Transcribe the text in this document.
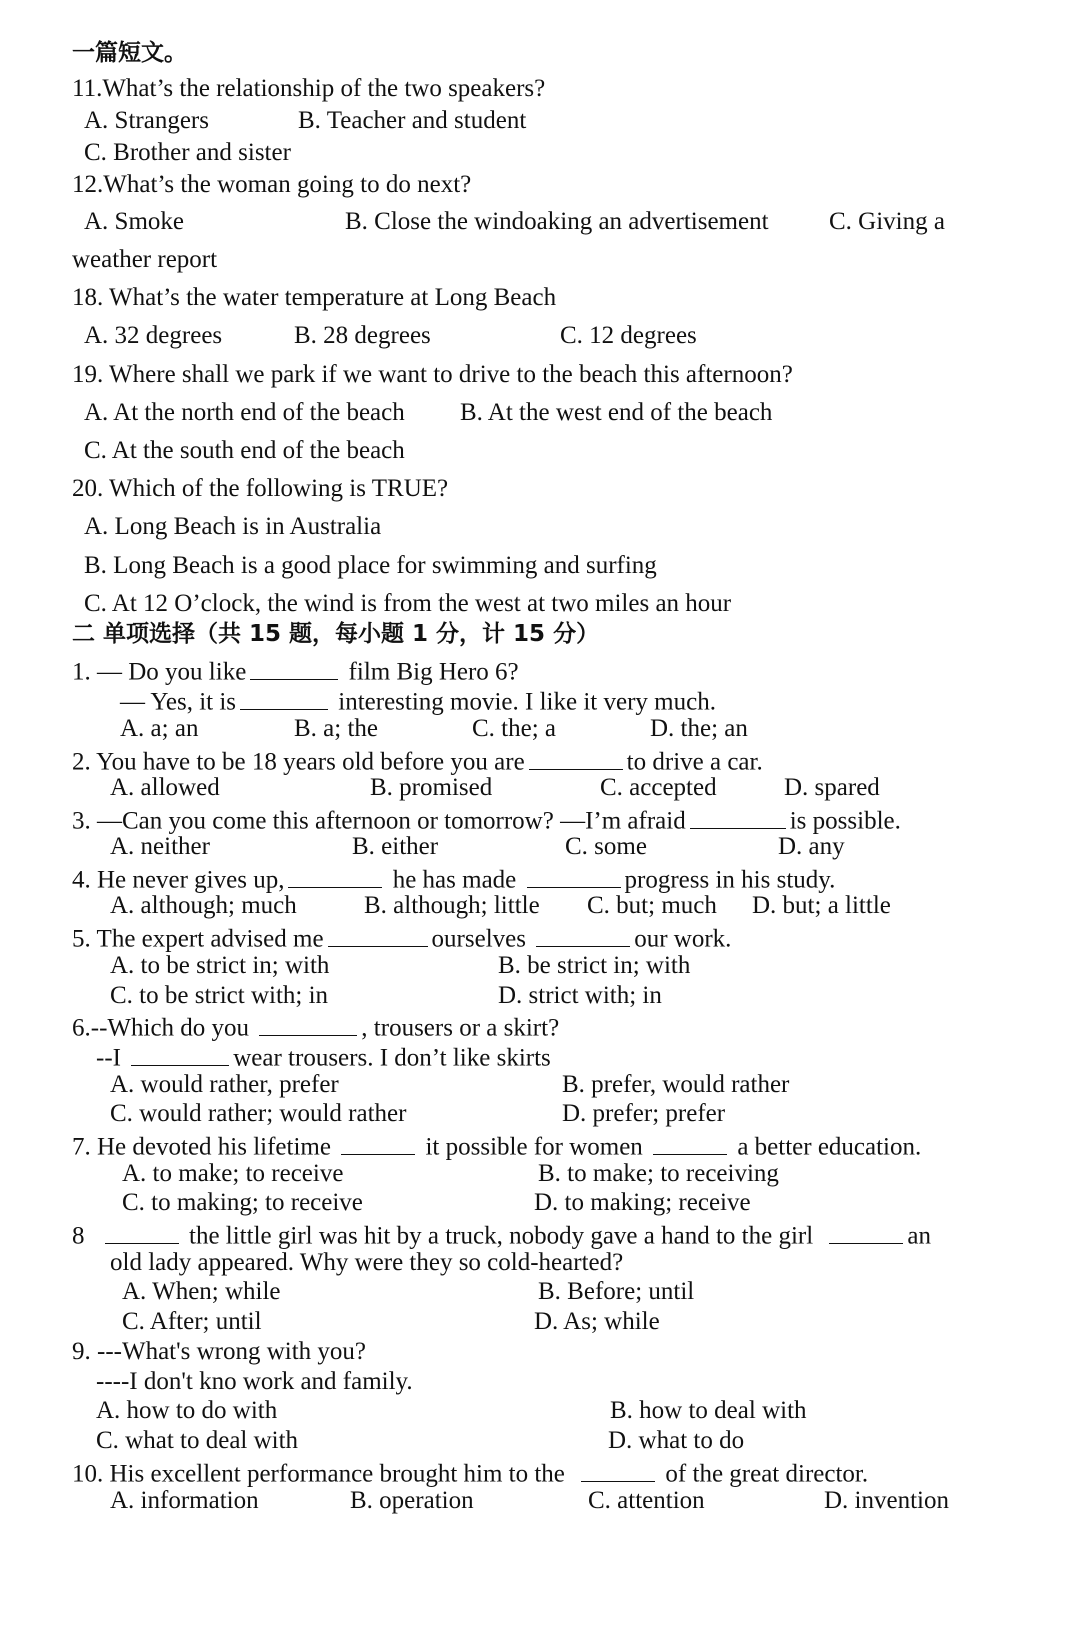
一篇短文。
11.What’s the relationship of the two speakers?
A. Strangers	B. Teacher and student
C. Brother and sister
12.What’s the woman going to do next?
A. Smoke	B. Close the windoaking an advertisement C. Giving a
weather report
18. What’s the water temperature at Long Beach
A. 32 degrees	B. 28 degrees	C. 12 degrees
19. Where shall we park if we want to drive to the beach this afternoon?
A. At the north end of the beach B. At the west end of the beach
C. At the south end of the beach
20. Which of the following is TRUE?
A. Long Beach is in Australia
B. Long Beach is a good place for swimming and surfing
C. At 12 O’clock, the wind is from the west at two miles an hour
二 单项选择（共 15 题，每小题 1 分，计 15 分）
1. — Do you like	film Big Hero 6?
— Yes, it is	interesting movie. I like it very much.
A. a; an	B. a; the	C. the; a	D. the; an
2. You have to be 18 years old before you are	to drive a car.
A. allowed	B. promised	C. accepted	D. spared
3. —Can you come this afternoon or tomorrow? —I’m afraid	is possible.
A. neither	B. either	C. some	D. any
4. He never gives up,	he has made	progress in his study.
A. although; much	B. although; little C. but; much D. but; a little
5. The expert advised me	ourselves	our work.
A. to be strict in; with	B. be strict in; with
C. to be strict with; in	D. strict with; in
6.--Which do you	, trousers or a skirt?
--I	wear trousers. I don’t like skirts
A. would rather, prefer	B. prefer, would rather
C. would rather; would rather	D. prefer; prefer
7. He devoted his lifetime	it possible for women	a better education.
A. to make; to receive	B. to make; to receiving
C. to making; to receive	D. to making; receive
8	the little girl was hit by a truck, nobody gave a hand to the girl	an
old lady appeared. Why were they so cold-hearted?
A. When; while	B. Before; until
C. After; until	D. As; while
9. ---What's wrong with you?
----I don't kno work and family.
A. how to do with	B. how to deal with
C. what to deal with	D. what to do
10. His excellent performance brought him to the	of the great director.
A. information	B. operation	C. attention	D. invention
